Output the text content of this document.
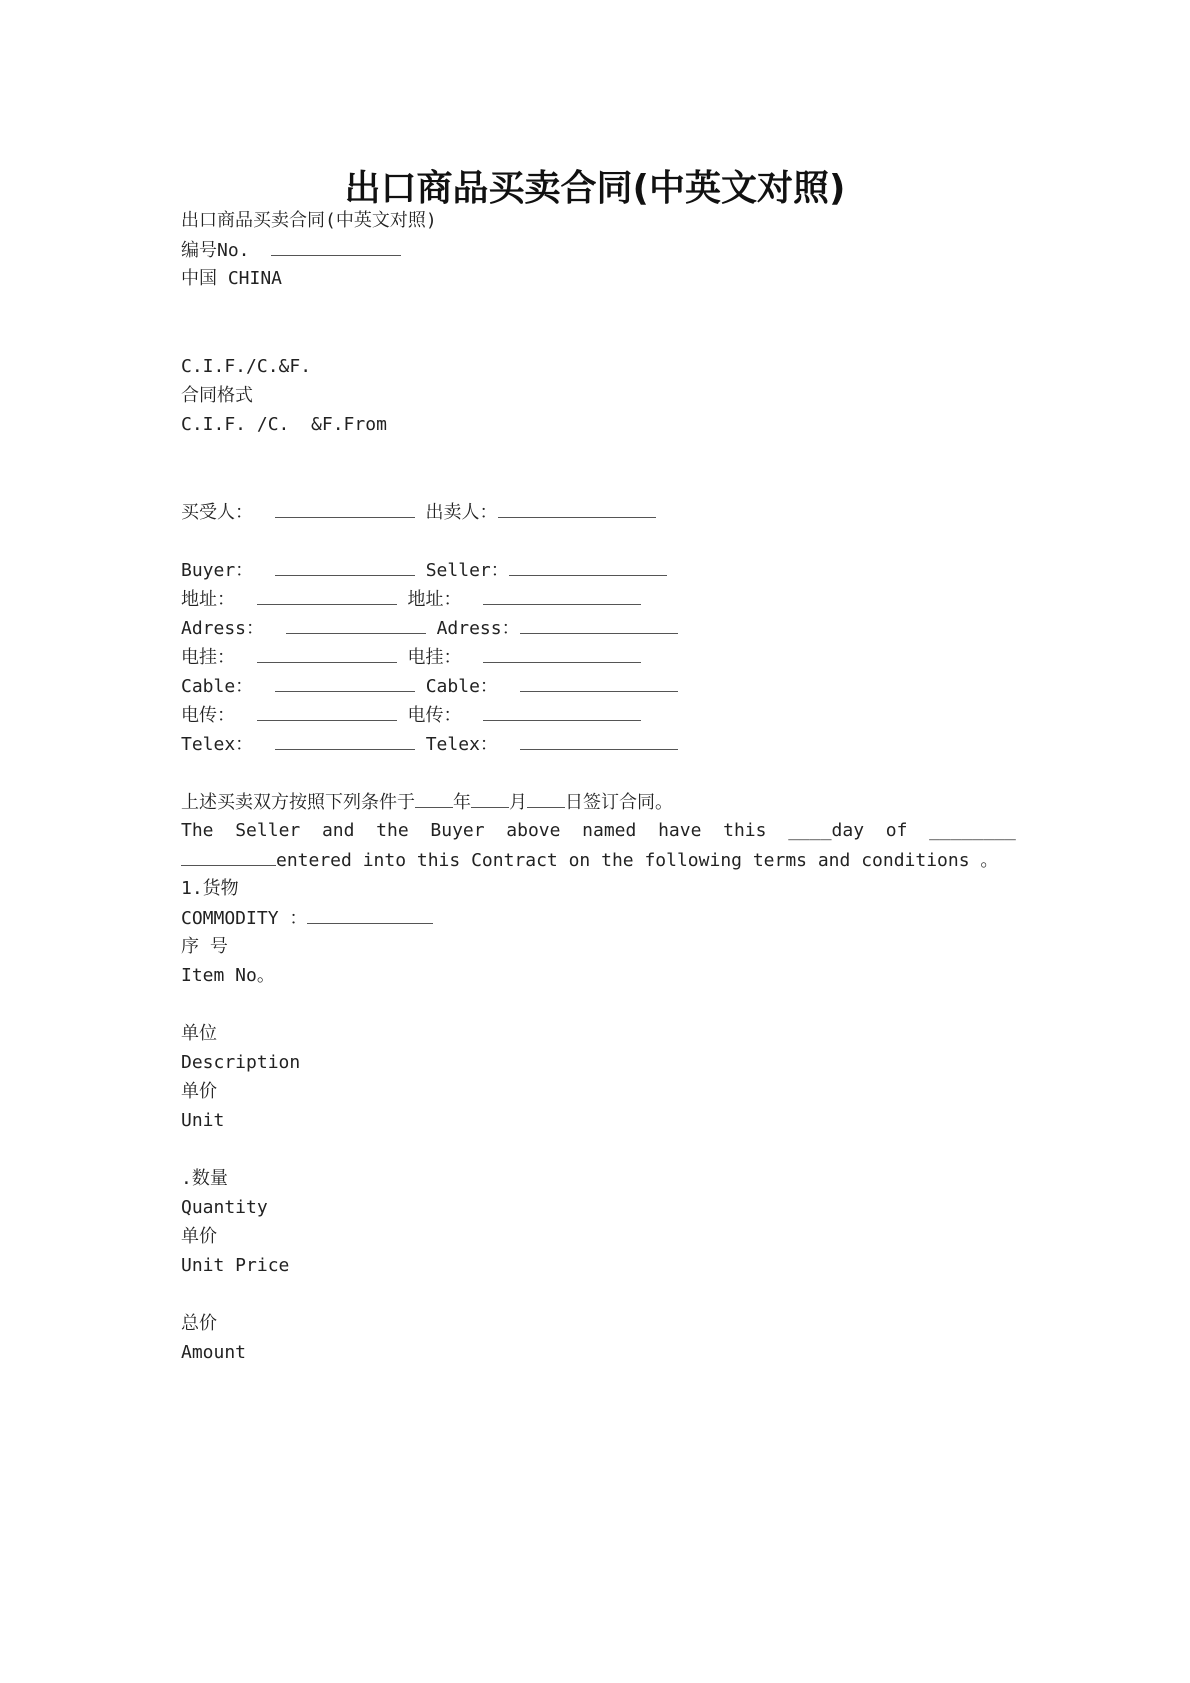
出口商品买卖合同(中英文对照)
出口商品买卖合同(中英文对照)
编号No.
中国 CHINA
C.I.F./C.&F.
合同格式
C.I.F. /C.  &F.From
买受人：	出卖人：
Buyer：	Seller：
地址：	地址：
Adress：	Adress：
电挂：	电挂：
Cable：	Cable：
电传：	电传：
Telex：	Telex：
上述买卖双方按照下列条件于 年 月 日签订合同。
The Seller and the Buyer above named have this ____day of ________
entered into this Contract on the following terms and conditions 。
1.货物
COMMODITY ：
序 号
Item No。
单位
Description
单价
Unit
.数量
Quantity
单价
Unit Price
总价
Amount
